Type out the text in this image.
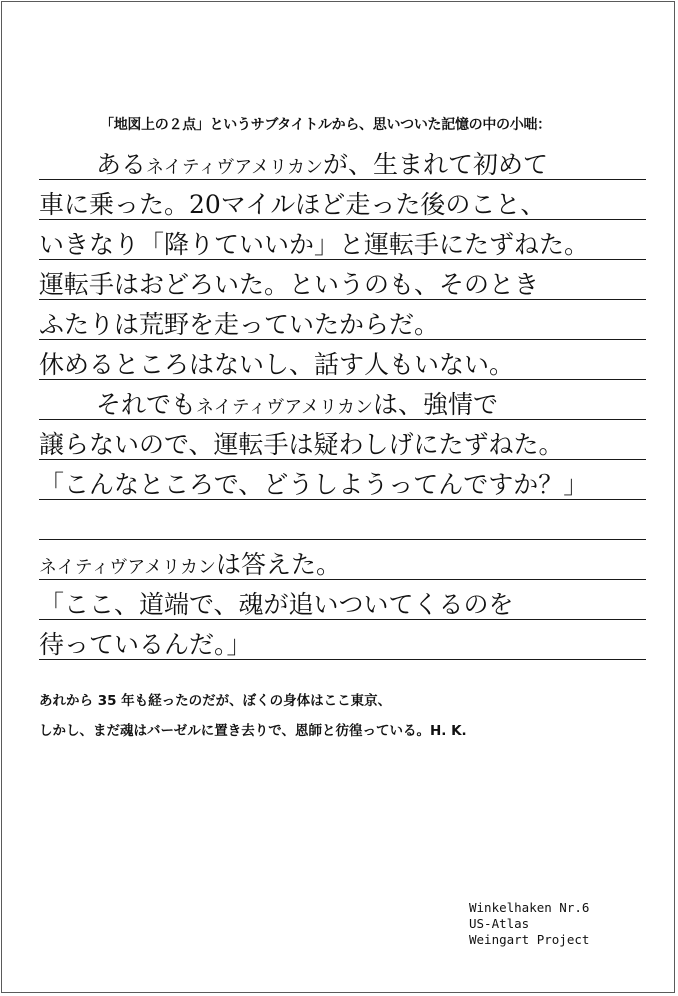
「地図上の２点」というサブタイトルから、思いついた記憶の中の小咄：
あるネイティヴアメリカンが、生まれて初めて
車に乗った。20マイルほど走った後のこと、
いきなり「降りていいか」と運転手にたずねた。
運転手はおどろいた。というのも、そのとき
ふたりは荒野を走っていたからだ。
休めるところはないし、話す人もいない。
それでもネイティヴアメリカンは、強情で
譲らないので、運転手は疑わしげにたずねた。
「こんなところで、どうしようってんですか？」
ネイティヴアメリカンは答えた。
「ここ、道端で、魂が追いついてくるのを
待っているんだ。」
あれから 35 年も経ったのだが、ぼくの身体はここ東京、
しかし、まだ魂はバーゼルに置き去りで、恩師と彷徨っている。H. K.
Winkelhaken Nr.6
US-Atlas
Weingart Project
